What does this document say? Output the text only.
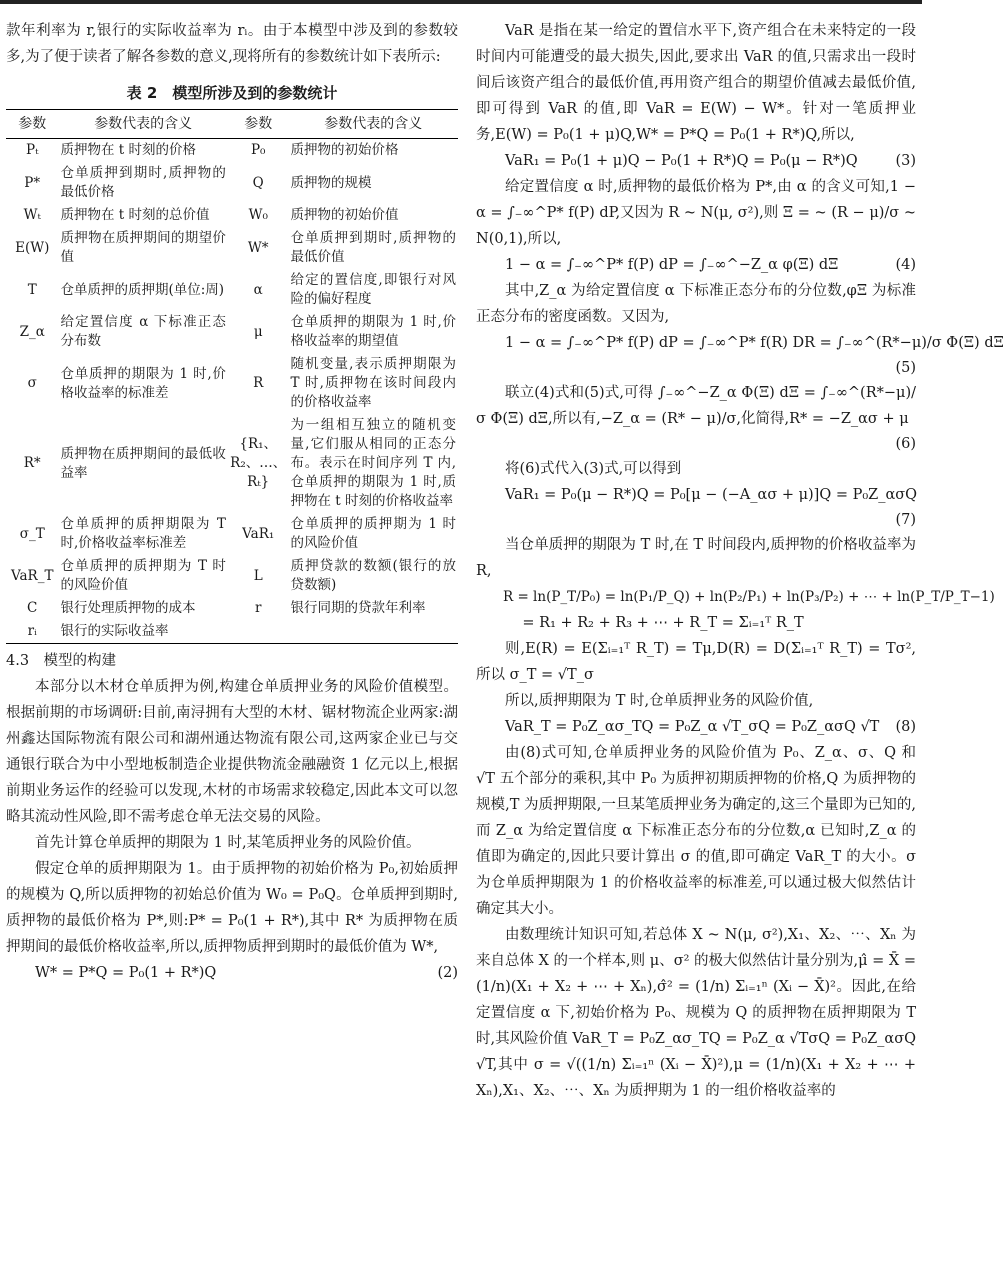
款年利率为 r,银行的实际收益率为 rᵢ。由于本模型中涉及到的参数较多,为了便于读者了解各参数的意义,现将所有的参数统计如下表所示:

表 2　模型所涉及到的参数统计
参数	参数代表的含义	参数	参数代表的含义
Pₜ	质押物在 t 时刻的价格	P₀	质押物的初始价格
P*	仓单质押到期时,质押物的最低价格	Q	质押物的规模
Wₜ	质押物在 t 时刻的总价值	W₀	质押物的初始价值
E(W)	质押物在质押期间的期望价值	W*	仓单质押到期时,质押物的最低价值
T	仓单质押的质押期(单位:周)	α	给定的置信度,即银行对风险的偏好程度
Z_α	给定置信度 α 下标准正态分布数	μ	仓单质押的期限为 1 时,价格收益率的期望值
σ	仓单质押的期限为 1 时,价格收益率的标准差	R	随机变量,表示质押期限为 T 时,质押物在该时间段内的价格收益率
R*	质押物在质押期间的最低收益率	{R₁、R₂、…、Rₜ}	为一组相互独立的随机变量,它们服从相同的正态分布。表示在时间序列 T 内,仓单质押的期限为 1 时,质押物在 t 时刻的价格收益率
σ_T	仓单质押的质押期限为 T 时,价格收益率标准差	VaR₁	仓单质押的质押期为 1 时的风险价值
VaR_T	仓单质押的质押期为 T 时的风险价值	L	质押贷款的数额(银行的放贷数额)
C	银行处理质押物的成本	r	银行同期的贷款年利率
rᵢ	银行的实际收益率		
4.3　模型的构建

本部分以木材仓单质押为例,构建仓单质押业务的风险价值模型。根据前期的市场调研:目前,南浔拥有大型的木材、锯材物流企业两家:湖州鑫达国际物流有限公司和湖州通达物流有限公司,这两家企业已与交通银行联合为中小型地板制造企业提供物流金融融资 1 亿元以上,根据前期业务运作的经验可以发现,木材的市场需求较稳定,因此本文可以忽略其流动性风险,即不需考虑仓单无法交易的风险。

首先计算仓单质押的期限为 1 时,某笔质押业务的风险价值。

假定仓单的质押期限为 1。由于质押物的初始价格为 P₀,初始质押的规模为 Q,所以质押物的初始总价值为 W₀ = P₀Q。仓单质押到期时,质押物的最低价格为 P*,则:P* = P₀(1 + R*),其中 R* 为质押物在质押期间的最低价格收益率,所以,质押物质押到期时的最低价值为 W*,

W* = P*Q = P₀(1 + R*)Q	(2)

VaR 是指在某一给定的置信水平下,资产组合在未来特定的一段时间内可能遭受的最大损失,因此,要求出 VaR 的值,只需求出一段时间后该资产组合的最低价值,再用资产组合的期望价值减去最低价值,即可得到 VaR 的值,即 VaR = E(W) − W*。针对一笔质押业务,E(W) = P₀(1 + μ)Q,W* = P*Q = P₀(1 + R*)Q,所以,

VaR₁ = P₀(1 + μ)Q − P₀(1 + R*)Q = P₀(μ − R*)Q	(3)

给定置信度 α 时,质押物的最低价格为 P*,由 α 的含义可知,1 − α = ∫₋∞^P* f(P) dP,又因为 R ~ N(μ, σ²),则 Ξ = ~ (R − μ)/σ ~ N(0,1),所以,

1 − α = ∫₋∞^P* f(P) dP = ∫₋∞^−Z_α φ(Ξ) dΞ	(4)

其中,Z_α 为给定置信度 α 下标准正态分布的分位数,φΞ 为标准正态分布的密度函数。又因为,

1 − α = ∫₋∞^P* f(P) dP = ∫₋∞^P* f(R) DR = ∫₋∞^(R*−μ)/σ Φ(Ξ) dΞ
(5)

联立(4)式和(5)式,可得 ∫₋∞^−Z_α Φ(Ξ) dΞ = ∫₋∞^(R*−μ)/σ Φ(Ξ) dΞ,所以有,−Z_α = (R* − μ)/σ,化简得,R* = −Z_ασ + μ

(6)

将(6)式代入(3)式,可以得到

VaR₁ = P₀(μ − R*)Q = P₀[μ − (−A_ασ + μ)]Q = P₀Z_ασQ
(7)

当仓单质押的期限为 T 时,在 T 时间段内,质押物的价格收益率为 R,

R = ln(P_T/P₀) = ln(P₁/P_Q) + ln(P₂/P₁) + ln(P₃/P₂) + ⋯ + ln(P_T/P_T−1)
= R₁ + R₂ + R₃ + ⋯ + R_T = Σᵢ₌₁ᵀ R_T

则,E(R) = E(Σᵢ₌₁ᵀ R_T) = Tμ,D(R) = D(Σᵢ₌₁ᵀ R_T) = Tσ²,所以 σ_T = √T_σ

所以,质押期限为 T 时,仓单质押业务的风险价值,

VaR_T = P₀Z_ασ_TQ = P₀Z_α √T_σQ = P₀Z_ασQ √T (8)

由(8)式可知,仓单质押业务的风险价值为 P₀、Z_α、σ、Q 和 √T 五个部分的乘积,其中 P₀ 为质押初期质押物的价格,Q 为质押物的规模,T 为质押期限,一旦某笔质押业务为确定的,这三个量即为已知的,而 Z_α 为给定置信度 α 下标准正态分布的分位数,α 已知时,Z_α 的值即为确定的,因此只要计算出 σ 的值,即可确定 VaR_T 的大小。σ 为仓单质押期限为 1 的价格收益率的标准差,可以通过极大似然估计确定其大小。

由数理统计知识可知,若总体 X ~ N(μ, σ²),X₁、X₂、⋯、Xₙ 为来自总体 X 的一个样本,则 μ、σ² 的极大似然估计量分别为,μ̂ = X̄ = (1/n)(X₁ + X₂ + ⋯ + Xₙ),σ̂² = (1/n) Σᵢ₌₁ⁿ (Xᵢ − X̄)²。因此,在给定置信度 α 下,初始价格为 P₀、规模为 Q 的质押物在质押期限为 T 时,其风险价值 VaR_T = P₀Z_ασ_TQ = P₀Z_α √TσQ = P₀Z_ασQ √T,其中 σ = √((1/n) Σᵢ₌₁ⁿ (Xᵢ − X̄)²),μ = (1/n)(X₁ + X₂ + ⋯ + Xₙ),X₁、X₂、⋯、Xₙ 为质押期为 1 的一组价格收益率的
